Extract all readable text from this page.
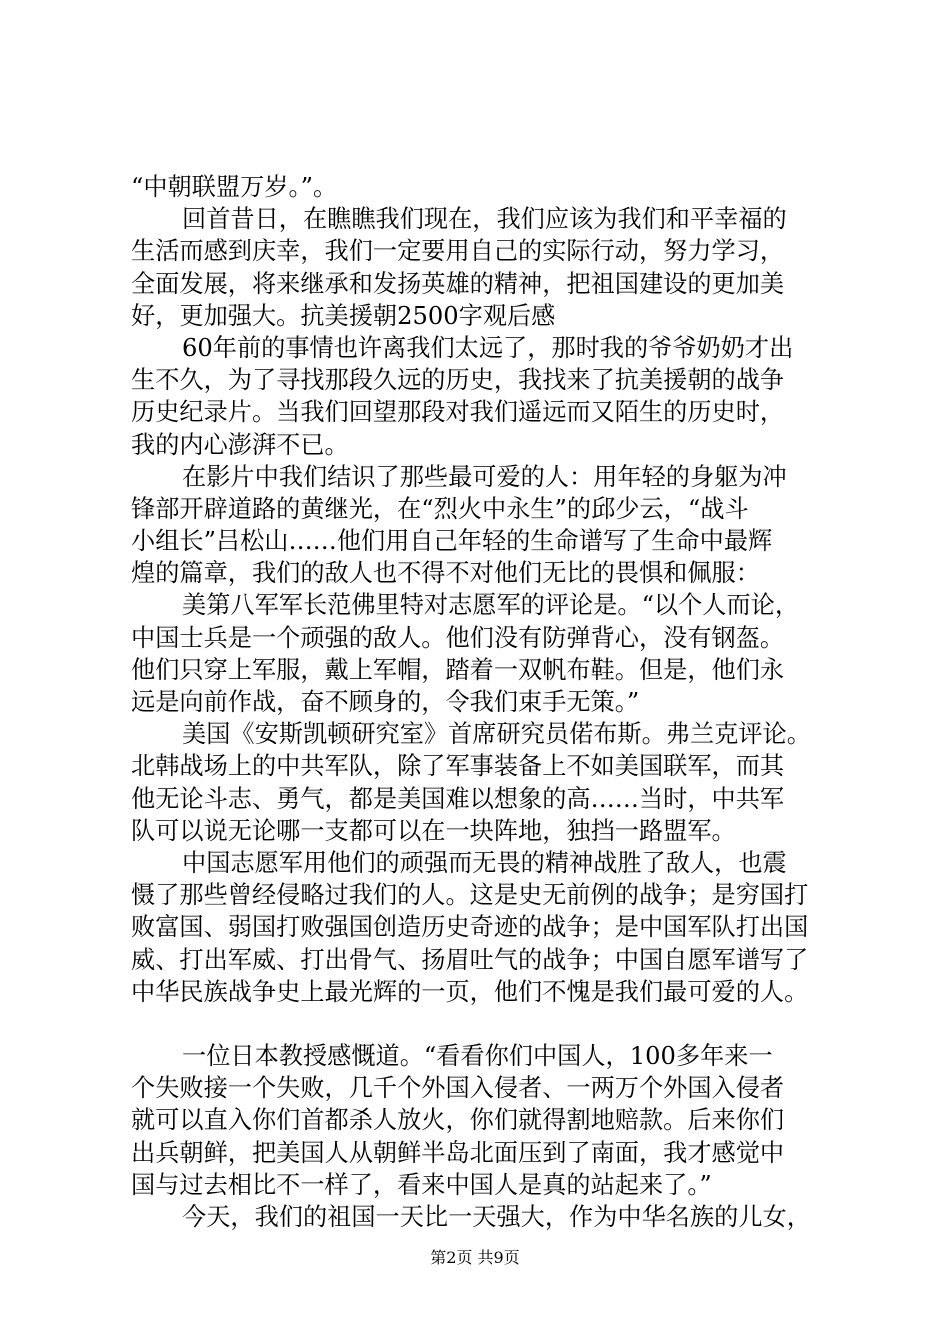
“中朝联盟万岁。”。
回首昔日，在瞧瞧我们现在，我们应该为我们和平幸福的
生活而感到庆幸，我们一定要用自己的实际行动，努力学习，
全面发展，将来继承和发扬英雄的精神，把祖国建设的更加美
好，更加强大。抗美援朝2500字观后感
60年前的事情也许离我们太远了，那时我的爷爷奶奶才出
生不久，为了寻找那段久远的历史，我找来了抗美援朝的战争
历史纪录片。当我们回望那段对我们遥远而又陌生的历史时，
我的内心澎湃不已。
在影片中我们结识了那些最可爱的人：用年轻的身躯为冲
锋部开辟道路的黄继光，在“烈火中永生”的邱少云，“战斗
小组长”吕松山……他们用自己年轻的生命谱写了生命中最辉
煌的篇章，我们的敌人也不得不对他们无比的畏惧和佩服：
美第八军军长范佛里特对志愿军的评论是。“以个人而论，
中国士兵是一个顽强的敌人。他们没有防弹背心，没有钢盔。
他们只穿上军服，戴上军帽，踏着一双帆布鞋。但是，他们永
远是向前作战，奋不顾身的，令我们束手无策。”
美国《安斯凯顿研究室》首席研究员偌布斯。弗兰克评论。
北韩战场上的中共军队，除了军事装备上不如美国联军，而其
他无论斗志、勇气，都是美国难以想象的高……当时，中共军
队可以说无论哪一支都可以在一块阵地，独挡一路盟军。
中国志愿军用他们的顽强而无畏的精神战胜了敌人，也震
慑了那些曾经侵略过我们的人。这是史无前例的战争；是穷国打
败富国、弱国打败强国创造历史奇迹的战争；是中国军队打出国
威、打出军威、打出骨气、扬眉吐气的战争；中国自愿军谱写了
中华民族战争史上最光辉的一页，他们不愧是我们最可爱的人。
一位日本教授感慨道。“看看你们中国人，100多年来一
个失败接一个失败，几千个外国入侵者、一两万个外国入侵者
就可以直入你们首都杀人放火，你们就得割地赔款。后来你们
出兵朝鲜，把美国人从朝鲜半岛北面压到了南面，我才感觉中
国与过去相比不一样了，看来中国人是真的站起来了。”
今天，我们的祖国一天比一天强大，作为中华名族的儿女，
第2页 共9页
